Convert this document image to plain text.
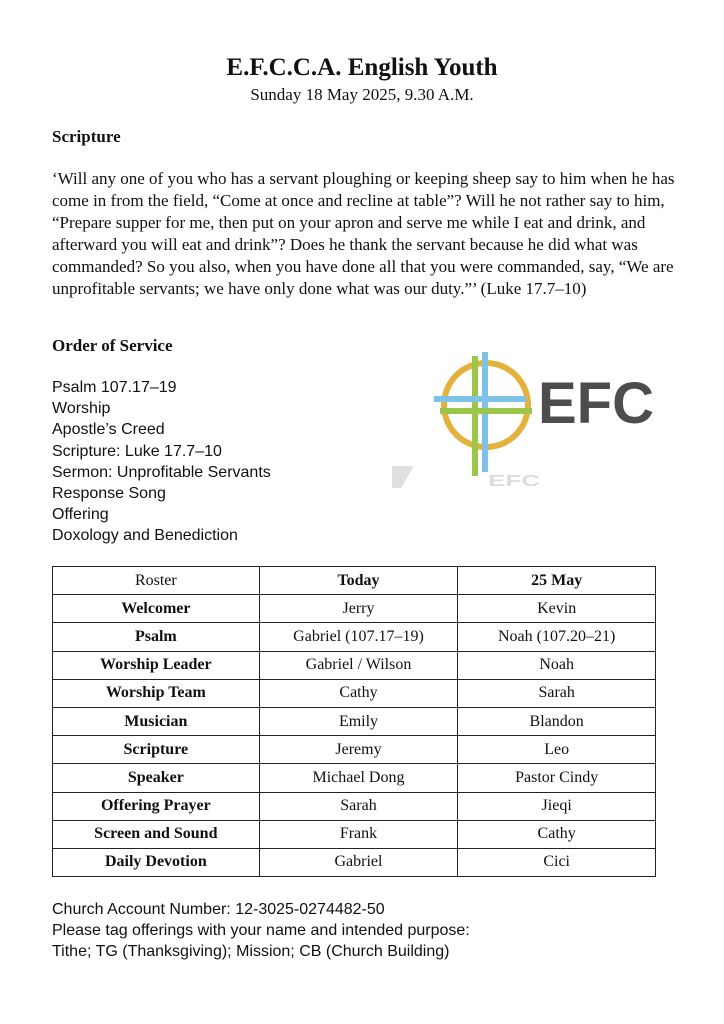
E.F.C.C.A. English Youth
Sunday 18 May 2025, 9.30 A.M.
Scripture

‘Will any one of you who has a servant ploughing or keeping sheep say to him when he has come in from the field, “Come at once and recline at table”? Will he not rather say to him, “Prepare supper for me, then put on your apron and serve me while I eat and drink, and afterward you will eat and drink”? Does he thank the servant because he did what was commanded? So you also, when you have done all that you were commanded, say, “We are unprofitable servants; we have only done what was our duty.”’ (Luke 17.7–10)

Order of Service
Psalm 107.17–19
Worship
Apostle’s Creed
Scripture: Luke 17.7–10
Sermon: Unprofitable Servants
Response Song
Offering
Doxology and Benediction
EFC
EFC
Roster	Today	25 May
Welcomer	Jerry	Kevin
Psalm	Gabriel (107.17–19)	Noah (107.20–21)
Worship Leader	Gabriel / Wilson	Noah
Worship Team	Cathy	Sarah
Musician	Emily	Blandon
Scripture	Jeremy	Leo
Speaker	Michael Dong	Pastor Cindy
Offering Prayer	Sarah	Jieqi
Screen and Sound	Frank	Cathy
Daily Devotion	Gabriel	Cici
Church Account Number: 12-3025-0274482-50
Please tag offerings with your name and intended purpose:
Tithe; TG (Thanksgiving); Mission; CB (Church Building)
